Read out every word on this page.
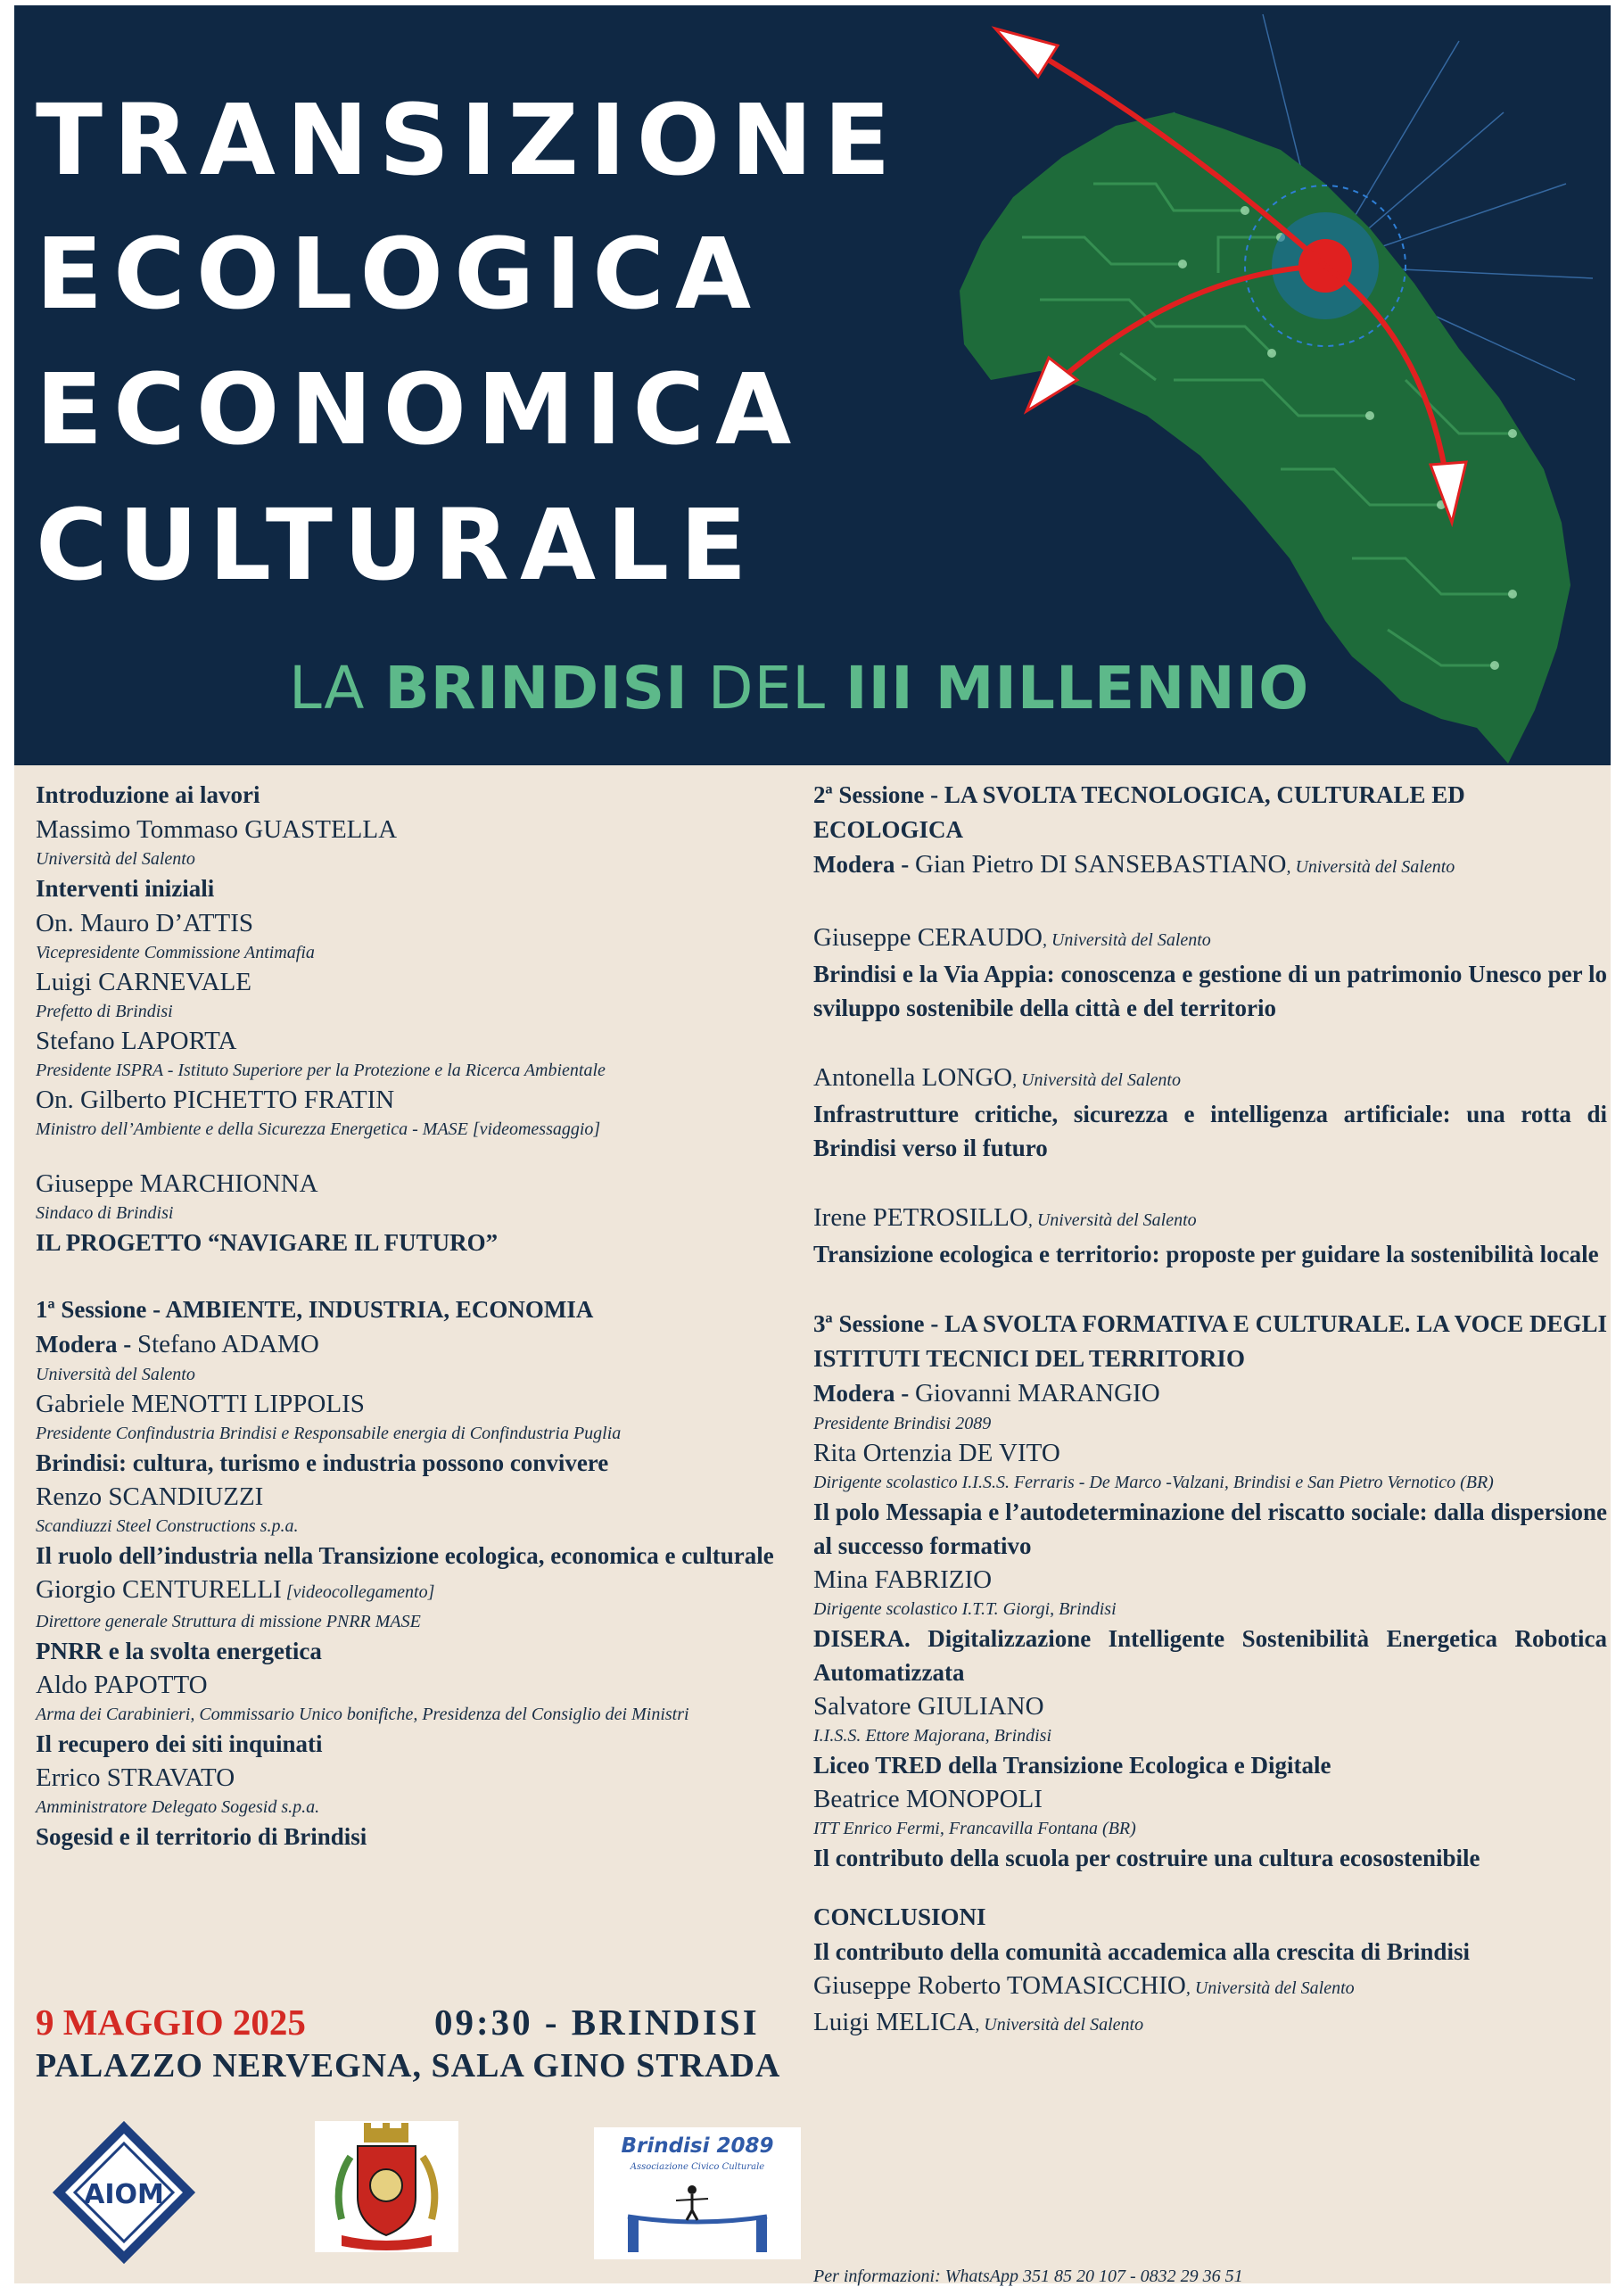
TRANSIZIONE
ECOLOGICA
ECONOMICA
CULTURALE

LA BRINDISI DEL III MILLENNIO

Introduzione ai lavori
Massimo Tommaso GUASTELLA
Università del Salento
Interventi iniziali
On. Mauro D’ATTIS
Vicepresidente Commissione Antimafia
Luigi CARNEVALE
Prefetto di Brindisi
Stefano LAPORTA
Presidente ISPRA - Istituto Superiore per la Protezione e la Ricerca Ambientale
On. Gilberto PICHETTO FRATIN
Ministro dell’Ambiente e della Sicurezza Energetica - MASE [videomessaggio]
Giuseppe MARCHIONNA
Sindaco di Brindisi
IL PROGETTO “NAVIGARE IL FUTURO”
1ª Sessione - AMBIENTE, INDUSTRIA, ECONOMIA
Modera - Stefano ADAMO
Università del Salento
Gabriele MENOTTI LIPPOLIS
Presidente Confindustria Brindisi e Responsabile energia di Confindustria Puglia
Brindisi: cultura, turismo e industria possono convivere
Renzo SCANDIUZZI
Scandiuzzi Steel Constructions s.p.a.
Il ruolo dell’industria nella Transizione ecologica, economica e culturale
Giorgio CENTURELLI [videocollegamento]
Direttore generale Struttura di missione PNRR MASE
PNRR e la svolta energetica
Aldo PAPOTTO
Arma dei Carabinieri, Commissario Unico bonifiche, Presidenza del Consiglio dei Ministri
Il recupero dei siti inquinati
Errico STRAVATO
Amministratore Delegato Sogesid s.p.a.
Sogesid e il territorio di Brindisi
2ª Sessione - LA SVOLTA TECNOLOGICA, CULTURALE ED ECOLOGICA
Modera - Gian Pietro DI SANSEBASTIANO, Università del Salento
Giuseppe CERAUDO, Università del Salento
Brindisi e la Via Appia: conoscenza e gestione di un patrimonio Unesco per lo sviluppo sostenibile della città e del territorio
Antonella LONGO, Università del Salento
Infrastrutture critiche, sicurezza e intelligenza artificiale: una rotta di Brindisi verso il futuro
Irene PETROSILLO, Università del Salento
Transizione ecologica e territorio: proposte per guidare la sostenibilità locale
3ª Sessione - LA SVOLTA FORMATIVA E CULTURALE. LA VOCE DEGLI ISTITUTI TECNICI DEL TERRITORIO
Modera - Giovanni MARANGIO
Presidente Brindisi 2089
Rita Ortenzia DE VITO
Dirigente scolastico I.I.S.S. Ferraris - De Marco -Valzani, Brindisi e San Pietro Vernotico (BR)
Il polo Messapia e l’autodeterminazione del riscatto sociale: dalla dispersione al successo formativo
Mina FABRIZIO
Dirigente scolastico I.T.T. Giorgi, Brindisi
DISERA. Digitalizzazione Intelligente Sostenibilità Energetica Robotica Automatizzata
Salvatore GIULIANO
I.I.S.S. Ettore Majorana, Brindisi
Liceo TRED della Transizione Ecologica e Digitale
Beatrice MONOPOLI
ITT Enrico Fermi, Francavilla Fontana (BR)
Il contributo della scuola per costruire una cultura ecosostenibile
CONCLUSIONI
Il contributo della comunità accademica alla crescita di Brindisi
Giuseppe Roberto TOMASICCHIO, Università del Salento
Luigi MELICA, Università del Salento
9 MAGGIO 2025	09:30 - BRINDISI
PALAZZO NERVEGNA, SALA GINO STRADA
AIOM
Brindisi 2089
Associazione Civico Culturale
Per informazioni: WhatsApp 351 85 20 107 - 0832 29 36 51
